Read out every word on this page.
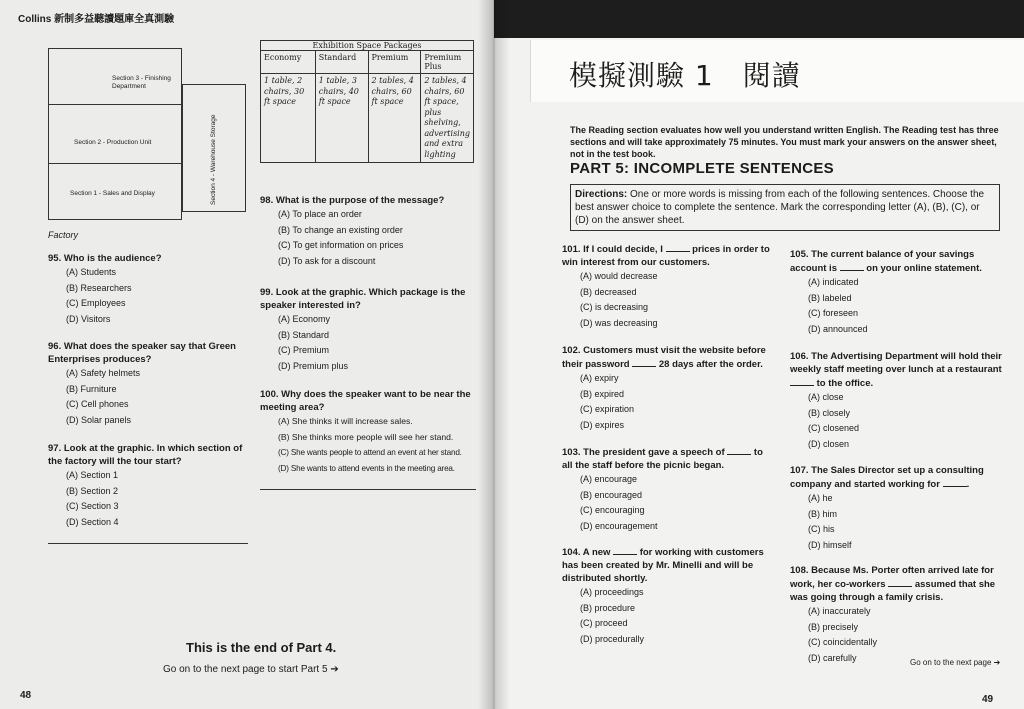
Collins 新制多益聽讀題庫全真測驗
Section 3 - Finishing Department
Section 2 - Production Unit
Section 1 - Sales and Display	Section 4 - Warehouse Storage
Factory
95. Who is the audience?
(A) Students
(B) Researchers
(C) Employees
(D) Visitors
96. What does the speaker say that Green Enterprises produces?
(A) Safety helmets
(B) Furniture
(C) Cell phones
(D) Solar panels
97. Look at the graphic. In which section of the factory will the tour start?
(A) Section 1
(B) Section 2
(C) Section 3
(D) Section 4
Exhibition Space Packages
Economy	Standard	Premium	Premium Plus
1 table, 2 chairs, 30 ft space	1 table, 3 chairs, 40 ft space	2 tables, 4 chairs, 60 ft space	2 tables, 4 chairs, 60 ft space, plus shelving, advertising and extra lighting
98. What is the purpose of the message?
(A) To place an order
(B) To change an existing order
(C) To get information on prices
(D) To ask for a discount
99. Look at the graphic. Which package is the speaker interested in?
(A) Economy
(B) Standard
(C) Premium
(D) Premium plus
100. Why does the speaker want to be near the meeting area?
(A) She thinks it will increase sales.
(B) She thinks more people will see her stand.
(C) She wants people to attend an event at her stand.
(D) She wants to attend events in the meeting area.
This is the end of Part 4.
Go on to the next page to start Part 5 ➔
48
模擬測驗 1　閱讀
The Reading section evaluates how well you understand written English. The Reading test has three sections and will take approximately 75 minutes. You must mark your answers on the answer sheet, not in the test book.
PART 5: INCOMPLETE SENTENCES
Directions: One or more words is missing from each of the following sentences. Choose the best answer choice to complete the sentence. Mark the corresponding letter (A), (B), (C), or (D) on the answer sheet.
101. If I could decide, I	prices in order to win interest from our customers.
(A) would decrease
(B) decreased
(C) is decreasing
(D) was decreasing
102. Customers must visit the website before their password	28 days after the order.
(A) expiry
(B) expired
(C) expiration
(D) expires
103. The president gave a speech of	to all the staff before the picnic began.
(A) encourage
(B) encouraged
(C) encouraging
(D) encouragement
104. A new	for working with customers has been created by Mr. Minelli and will be distributed shortly.
(A) proceedings
(B) procedure
(C) proceed
(D) procedurally
105. The current balance of your savings account is	on your online statement.
(A) indicated
(B) labeled
(C) foreseen
(D) announced
106. The Advertising Department will hold their weekly staff meeting over lunch at a restaurant  to the office.
(A) close
(B) closely
(C) closened
(D) closen
107. The Sales Director set up a consulting company and started working for	.
(A) he
(B) him
(C) his
(D) himself
108. Because Ms. Porter often arrived late for work, her co-workers	assumed that she was going through a family crisis.
(A) inaccurately
(B) precisely
(C) coincidentally
(D) carefully	Go on to the next page ➔
49
